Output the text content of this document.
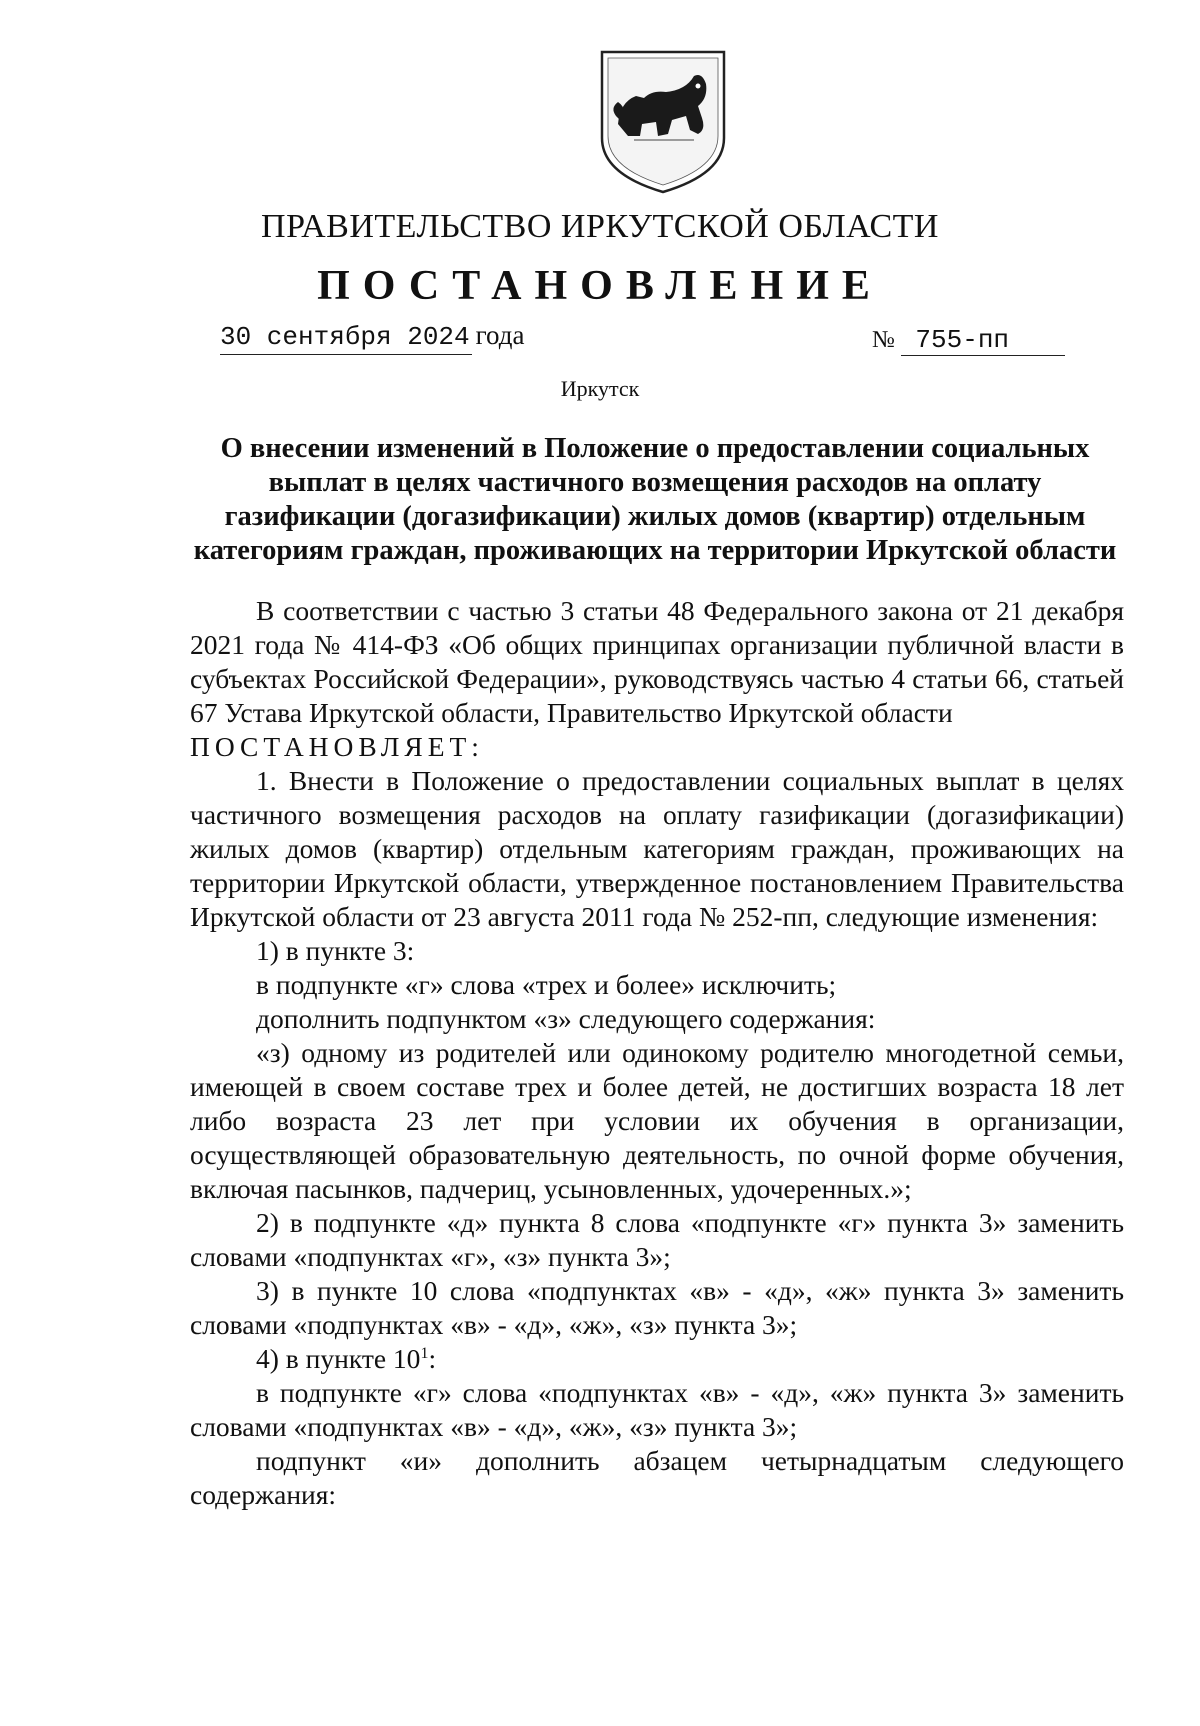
ПРАВИТЕЛЬСТВО ИРКУТСКОЙ ОБЛАСТИ
ПОСТАНОВЛЕНИЕ
30 сентября 2024 года	№ 755-пп
Иркутск
О внесении изменений в Положение о предоставлении социальных выплат в целях частичного возмещения расходов на оплату газификации (догазификации) жилых домов (квартир) отдельным категориям граждан, проживающих на территории Иркутской области

В соответствии с частью 3 статьи 48 Федерального закона от 21 декабря 2021 года № 414-ФЗ «Об общих принципах организации публичной власти в субъектах Российской Федерации», руководствуясь частью 4 статьи 66, статьей 67 Устава Иркутской области, Правительство Иркутской области

ПОСТАНОВЛЯЕТ:

1. Внести в Положение о предоставлении социальных выплат в целях частичного возмещения расходов на оплату газификации (догазификации) жилых домов (квартир) отдельным категориям граждан, проживающих на территории Иркутской области, утвержденное постановлением Правительства Иркутской области от 23 августа 2011 года № 252-пп, следующие изменения:

1) в пункте 3:

в подпункте «г» слова «трех и более» исключить;

дополнить подпунктом «з» следующего содержания:

«з) одному из родителей или одинокому родителю многодетной семьи, имеющей в своем составе трех и более детей, не достигших возраста 18 лет либо возраста 23 лет при условии их обучения в организации, осуществляющей образовательную деятельность, по очной форме обучения, включая пасынков, падчериц, усыновленных, удочеренных.»;

2) в подпункте «д» пункта 8 слова «подпункте «г» пункта 3» заменить словами «подпунктах «г», «з» пункта 3»;

3) в пункте 10 слова «подпунктах «в» - «д», «ж» пункта 3» заменить словами «подпунктах «в» - «д», «ж», «з» пункта 3»;

4) в пункте $10^1$:

в подпункте «г» слова «подпунктах «в» - «д», «ж» пункта 3» заменить словами «подпунктах «в» - «д», «ж», «з» пункта 3»;

подпункт «и» дополнить абзацем четырнадцатым следующего содержания:
